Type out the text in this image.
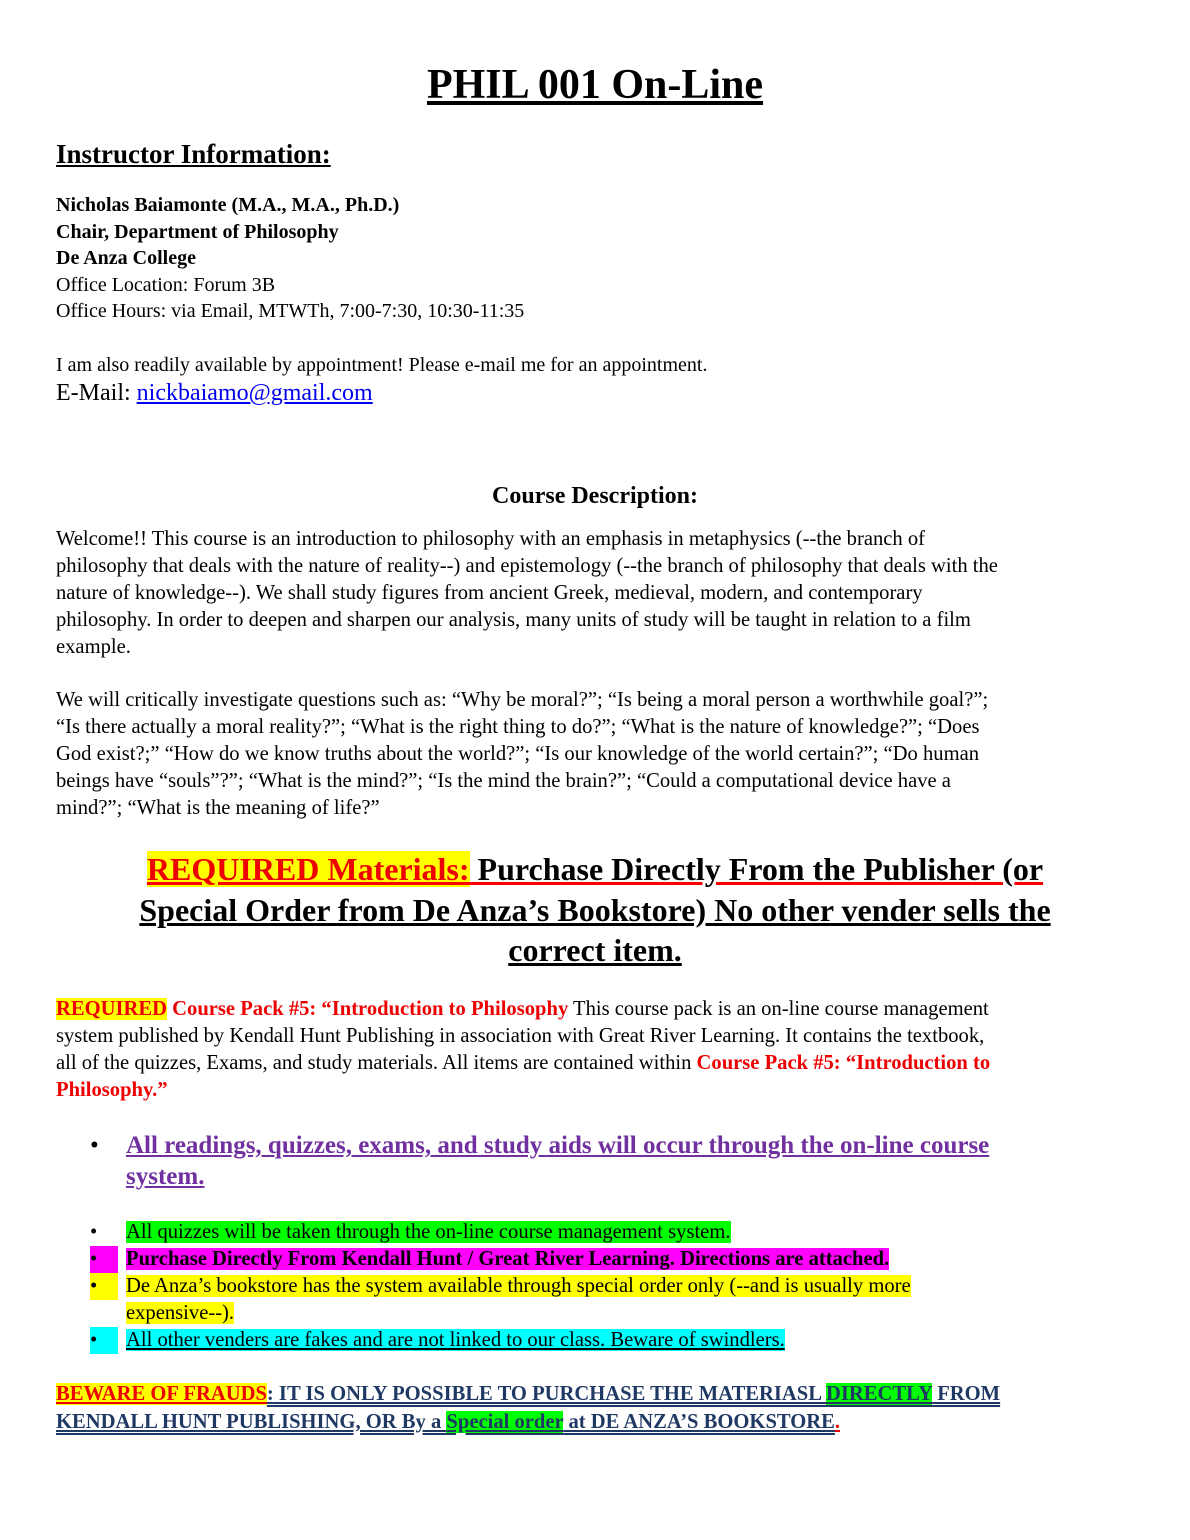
PHIL 001 On-Line
Instructor Information:
Nicholas Baiamonte (M.A., M.A., Ph.D.)
Chair, Department of Philosophy
De Anza College
Office Location: Forum 3B
Office Hours: via Email, MTWTh, 7:00-7:30, 10:30-11:35
I am also readily available by appointment! Please e-mail me for an appointment.
E-Mail: nickbaiamo@gmail.com
Course Description:
Welcome!! This course is an introduction to philosophy with an emphasis in metaphysics (--the branch of
philosophy that deals with the nature of reality--) and epistemology (--the branch of philosophy that deals with the
nature of knowledge--). We shall study figures from ancient Greek, medieval, modern, and contemporary
philosophy. In order to deepen and sharpen our analysis, many units of study will be taught in relation to a film
example.
We will critically investigate questions such as: “Why be moral?”; “Is being a moral person a worthwhile goal?”;
“Is there actually a moral reality?”; “What is the right thing to do?”; “What is the nature of knowledge?”; “Does
God exist?;” “How do we know truths about the world?”; “Is our knowledge of the world certain?”; “Do human
beings have “souls”?”; “What is the mind?”; “Is the mind the brain?”; “Could a computational device have a
mind?”; “What is the meaning of life?”
REQUIRED Materials: Purchase Directly From the Publisher (or
Special Order from De Anza’s Bookstore) No other vender sells the
correct item.
REQUIRED Course Pack #5: “Introduction to Philosophy This course pack is an on-line course management
system published by Kendall Hunt Publishing in association with Great River Learning. It contains the textbook,
all of the quizzes, Exams, and study materials. All items are contained within Course Pack #5: “Introduction to
Philosophy.”
•	All readings, quizzes, exams, and study aids will occur through the on-line course
system.
•	All quizzes will be taken through the on-line course management system.
•	Purchase Directly From Kendall Hunt / Great River Learning. Directions are attached.
•	De Anza’s bookstore has the system available through special order only (--and is usually more
expensive--).
•	All other venders are fakes and are not linked to our class. Beware of swindlers.
BEWARE OF FRAUDS: IT IS ONLY POSSIBLE TO PURCHASE THE MATERIASL DIRECTLY FROM
KENDALL HUNT PUBLISHING, OR By a Special order at DE ANZA’S BOOKSTORE.
